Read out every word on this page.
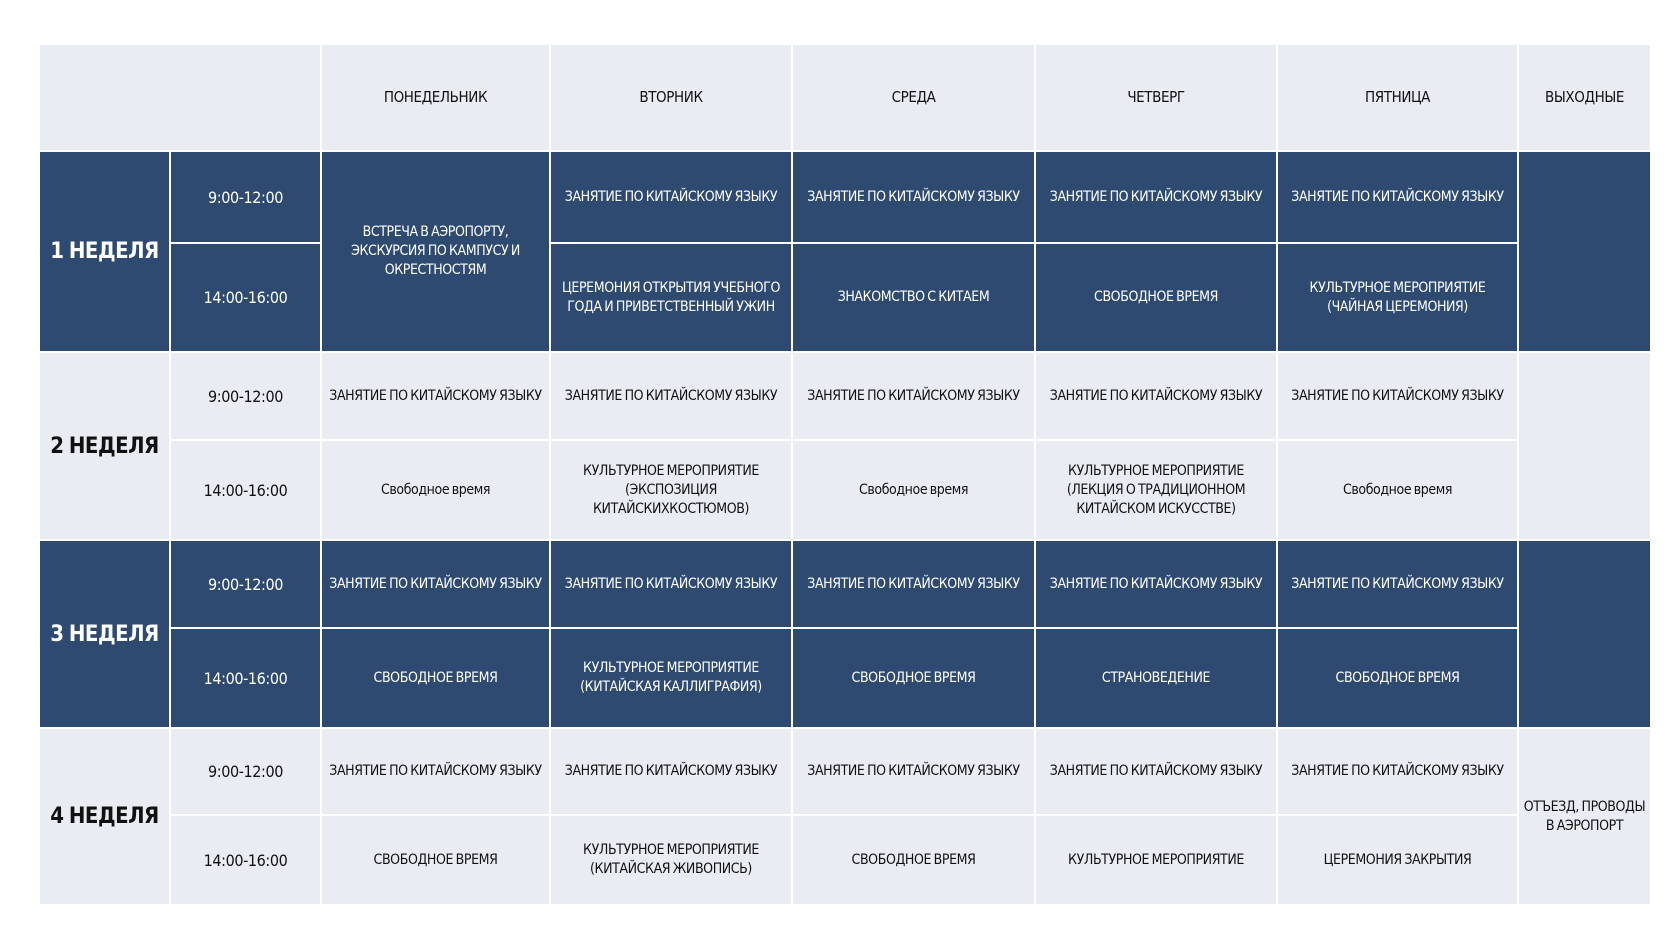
		ПОНЕДЕЛЬНИК	ВТОРНИК	СРЕДА	ЧЕТВЕРГ	ПЯТНИЦА	ВЫХОДНЫЕ
1 НЕДЕЛЯ	9:00-12:00	ВСТРЕЧА В АЭРОПОРТУ, ЭКСКУРСИЯ ПО КАМПУСУ И ОКРЕСТНОСТЯМ	ЗАНЯТИЕ ПО КИТАЙСКОМУ ЯЗЫКУ	ЗАНЯТИЕ ПО КИТАЙСКОМУ ЯЗЫКУ	ЗАНЯТИЕ ПО КИТАЙСКОМУ ЯЗЫКУ	ЗАНЯТИЕ ПО КИТАЙСКОМУ ЯЗЫКУ	
	14:00-16:00		ЦЕРЕМОНИЯ ОТКРЫТИЯ УЧЕБНОГО ГОДА И ПРИВЕТСТВЕННЫЙ УЖИН	ЗНАКОМСТВО С КИТАЕМ	СВОБОДНОЕ ВРЕМЯ	КУЛЬТУРНОЕ МЕРОПРИЯТИЕ (ЧАЙНАЯ ЦЕРЕМОНИЯ)	
2 НЕДЕЛЯ	9:00-12:00	ЗАНЯТИЕ ПО КИТАЙСКОМУ ЯЗЫКУ	ЗАНЯТИЕ ПО КИТАЙСКОМУ ЯЗЫКУ	ЗАНЯТИЕ ПО КИТАЙСКОМУ ЯЗЫКУ	ЗАНЯТИЕ ПО КИТАЙСКОМУ ЯЗЫКУ	ЗАНЯТИЕ ПО КИТАЙСКОМУ ЯЗЫКУ	
	14:00-16:00	Свободное время	КУЛЬТУРНОЕ МЕРОПРИЯТИЕ (ЭКСПОЗИЦИЯ КИТАЙСКИХКОСТЮМОВ)	Свободное время	КУЛЬТУРНОЕ МЕРОПРИЯТИЕ (ЛЕКЦИЯ О ТРАДИЦИОННОМ КИТАЙСКОМ ИСКУССТВЕ)	Свободное время	
3 НЕДЕЛЯ	9:00-12:00	ЗАНЯТИЕ ПО КИТАЙСКОМУ ЯЗЫКУ	ЗАНЯТИЕ ПО КИТАЙСКОМУ ЯЗЫКУ	ЗАНЯТИЕ ПО КИТАЙСКОМУ ЯЗЫКУ	ЗАНЯТИЕ ПО КИТАЙСКОМУ ЯЗЫКУ	ЗАНЯТИЕ ПО КИТАЙСКОМУ ЯЗЫКУ	
	14:00-16:00	СВОБОДНОЕ ВРЕМЯ	КУЛЬТУРНОЕ МЕРОПРИЯТИЕ (КИТАЙСКАЯ КАЛЛИГРАФИЯ)	СВОБОДНОЕ ВРЕМЯ	СТРАНОВЕДЕНИЕ	СВОБОДНОЕ ВРЕМЯ	
4 НЕДЕЛЯ	9:00-12:00	ЗАНЯТИЕ ПО КИТАЙСКОМУ ЯЗЫКУ	ЗАНЯТИЕ ПО КИТАЙСКОМУ ЯЗЫКУ	ЗАНЯТИЕ ПО КИТАЙСКОМУ ЯЗЫКУ	ЗАНЯТИЕ ПО КИТАЙСКОМУ ЯЗЫКУ	ЗАНЯТИЕ ПО КИТАЙСКОМУ ЯЗЫКУ	ОТЪЕЗД, ПРОВОДЫ В АЭРОПОРТ
	14:00-16:00	СВОБОДНОЕ ВРЕМЯ	КУЛЬТУРНОЕ МЕРОПРИЯТИЕ (КИТАЙСКАЯ ЖИВОПИСЬ)	СВОБОДНОЕ ВРЕМЯ	КУЛЬТУРНОЕ МЕРОПРИЯТИЕ	ЦЕРЕМОНИЯ ЗАКРЫТИЯ	
